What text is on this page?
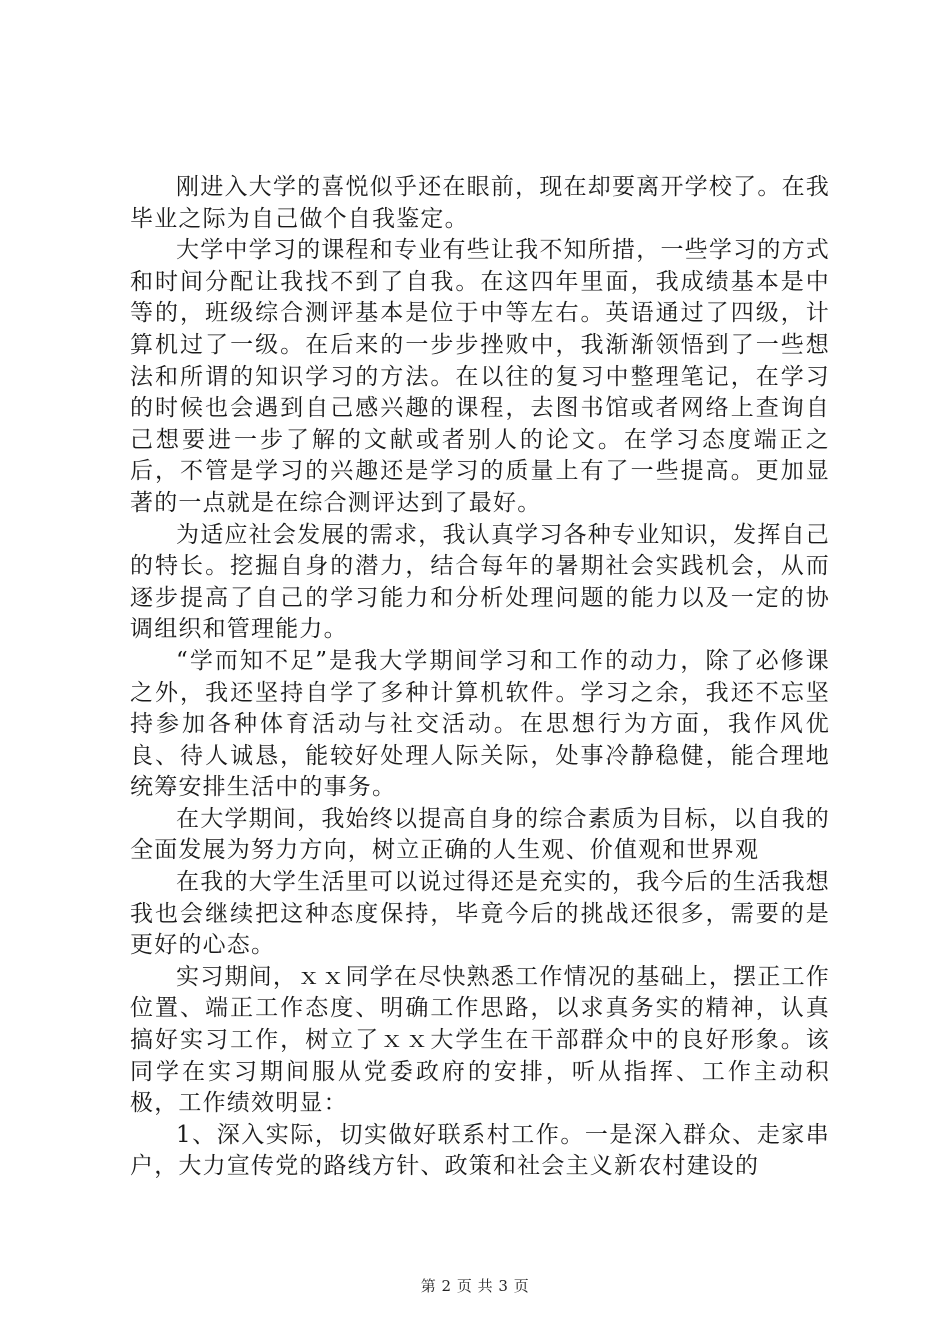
刚进入大学的喜悦似乎还在眼前，现在却要离开学校了。在我毕业之际为自己做个自我鉴定。

大学中学习的课程和专业有些让我不知所措，一些学习的方式和时间分配让我找不到了自我。在这四年里面，我成绩基本是中等的，班级综合测评基本是位于中等左右。英语通过了四级，计算机过了一级。在后来的一步步挫败中，我渐渐领悟到了一些想法和所谓的知识学习的方法。在以往的复习中整理笔记，在学习的时候也会遇到自己感兴趣的课程，去图书馆或者网络上查询自己想要进一步了解的文献或者别人的论文。在学习态度端正之后，不管是学习的兴趣还是学习的质量上有了一些提高。更加显著的一点就是在综合测评达到了最好。

为适应社会发展的需求，我认真学习各种专业知识，发挥自己的特长。挖掘自身的潜力，结合每年的暑期社会实践机会，从而逐步提高了自己的学习能力和分析处理问题的能力以及一定的协调组织和管理能力。

“学而知不足”是我大学期间学习和工作的动力，除了必修课之外，我还坚持自学了多种计算机软件。学习之余，我还不忘坚持参加各种体育活动与社交活动。在思想行为方面，我作风优良、待人诚恳，能较好处理人际关际，处事冷静稳健，能合理地统筹安排生活中的事务。

在大学期间，我始终以提高自身的综合素质为目标，以自我的全面发展为努力方向，树立正确的人生观、价值观和世界观

在我的大学生活里可以说过得还是充实的，我今后的生活我想我也会继续把这种态度保持，毕竟今后的挑战还很多，需要的是更好的心态。

实习期间，ｘｘ同学在尽快熟悉工作情况的基础上，摆正工作位置、端正工作态度、明确工作思路，以求真务实的精神，认真搞好实习工作，树立了ｘｘ大学生在干部群众中的良好形象。该同学在实习期间服从党委政府的安排，听从指挥、工作主动积极，工作绩效明显：

1、深入实际，切实做好联系村工作。一是深入群众、走家串户，大力宣传党的路线方针、政策和社会主义新农村建设的

第 2 页 共 3 页
